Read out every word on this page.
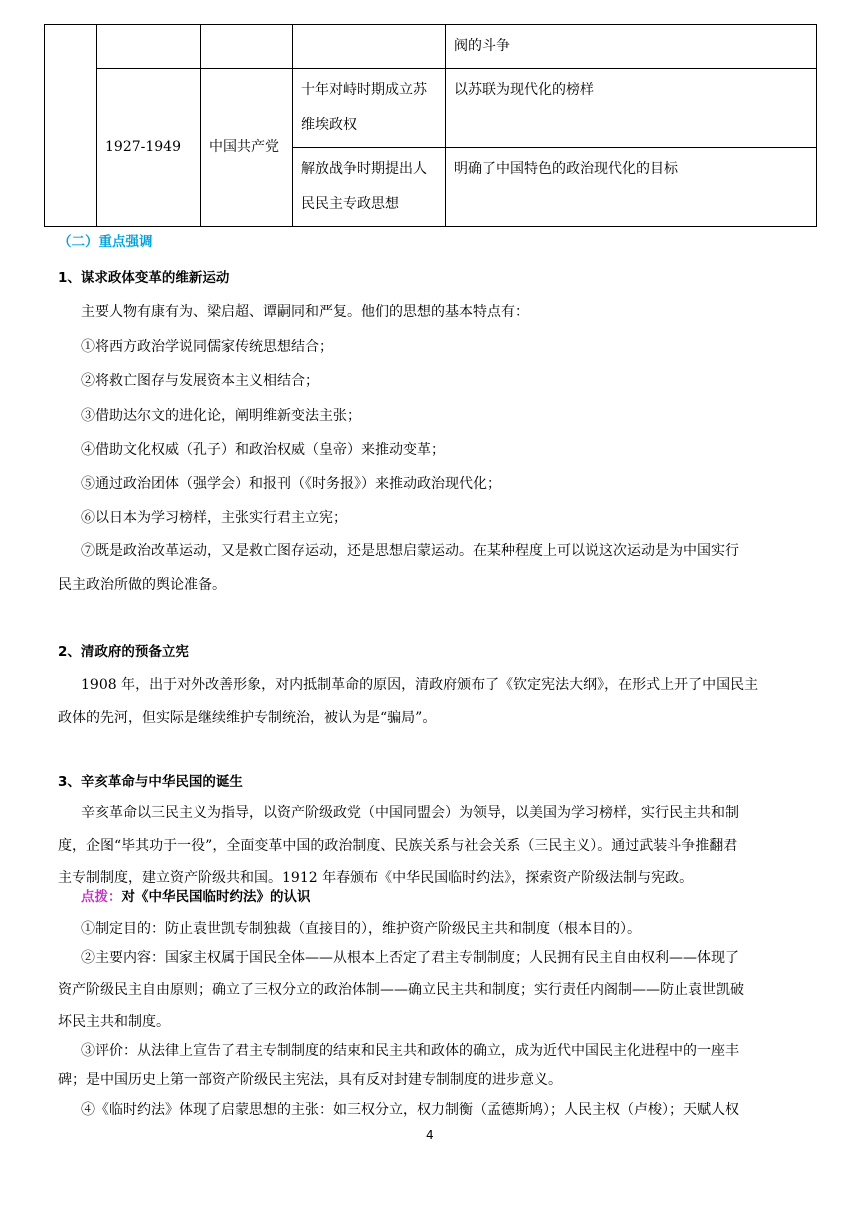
				阀的斗争
	1927-1949	中国共产党	十年对峙时期成立苏维埃政权	以苏联为现代化的榜样
			解放战争时期提出人民民主专政思想	明确了中国特色的政治现代化的目标
（二）重点强调
1、谋求政体变革的维新运动
主要人物有康有为、梁启超、谭嗣同和严复。他们的思想的基本特点有：
①将西方政治学说同儒家传统思想结合；
②将救亡图存与发展资本主义相结合；
③借助达尔文的进化论，阐明维新变法主张；
④借助文化权威（孔子）和政治权威（皇帝）来推动变革；
⑤通过政治团体（强学会）和报刊（《时务报》）来推动政治现代化；
⑥以日本为学习榜样，主张实行君主立宪；
⑦既是政治改革运动，又是救亡图存运动，还是思想启蒙运动。在某种程度上可以说这次运动是为中国实行
民主政治所做的舆论准备。
2、清政府的预备立宪
1908 年，出于对外改善形象，对内抵制革命的原因，清政府颁布了《钦定宪法大纲》，在形式上开了中国民主
政体的先河，但实际是继续维护专制统治，被认为是“骗局”。
3、辛亥革命与中华民国的诞生
辛亥革命以三民主义为指导，以资产阶级政党（中国同盟会）为领导，以美国为学习榜样，实行民主共和制
度，企图“毕其功于一役”，全面变革中国的政治制度、民族关系与社会关系（三民主义）。通过武装斗争推翻君
主专制制度，建立资产阶级共和国。1912 年春颁布《中华民国临时约法》，探索资产阶级法制与宪政。
点拨：对《中华民国临时约法》的认识
①制定目的：防止袁世凯专制独裁（直接目的），维护资产阶级民主共和制度（根本目的）。
②主要内容：国家主权属于国民全体——从根本上否定了君主专制制度；人民拥有民主自由权利——体现了
资产阶级民主自由原则；确立了三权分立的政治体制——确立民主共和制度；实行责任内阁制——防止袁世凯破
坏民主共和制度。
③评价：从法律上宣告了君主专制制度的结束和民主共和政体的确立，成为近代中国民主化进程中的一座丰
碑；是中国历史上第一部资产阶级民主宪法，具有反对封建专制制度的进步意义。
④《临时约法》体现了启蒙思想的主张：如三权分立，权力制衡（孟德斯鸠）；人民主权（卢梭）；天赋人权
4
